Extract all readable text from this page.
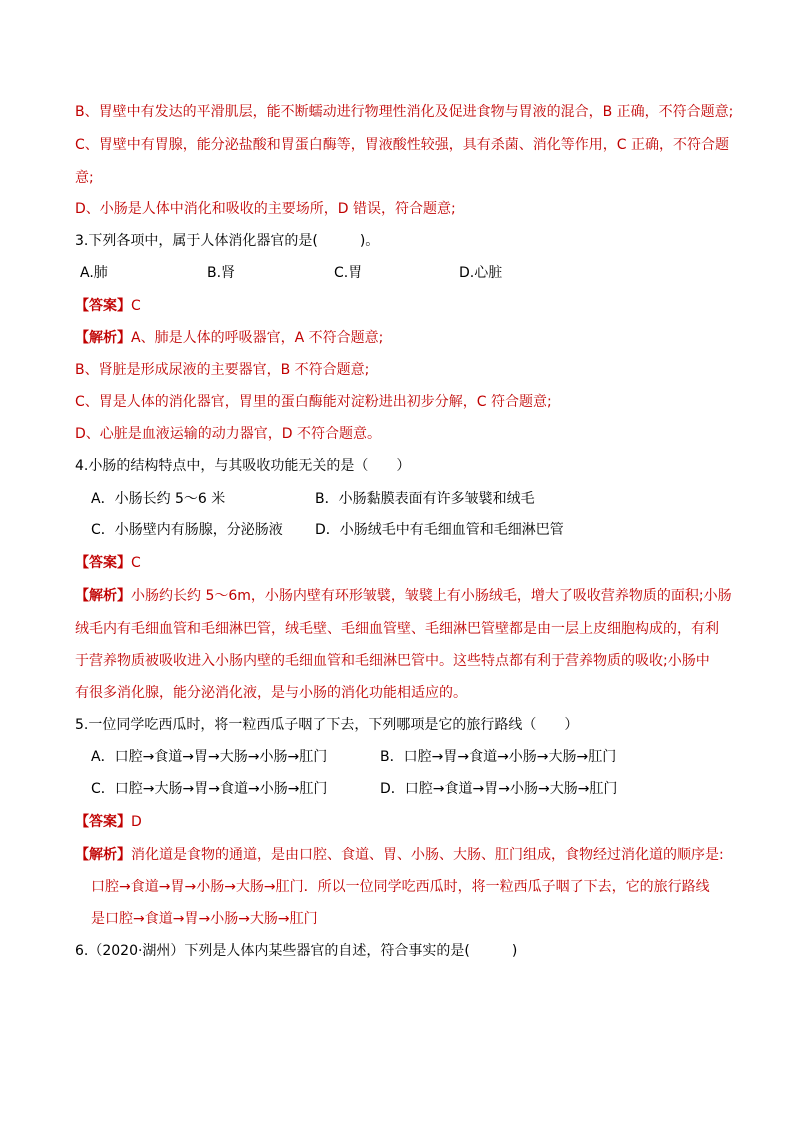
B、胃壁中有发达的平滑肌层，能不断蠕动进行物理性消化及促进食物与胃液的混合，B 正确，不符合题意;
C、胃壁中有胃腺，能分泌盐酸和胃蛋白酶等，胃液酸性较强，具有杀菌、消化等作用，C 正确，不符合题
意;
D、小肠是人体中消化和吸收的主要场所，D 错误，符合题意;
3.下列各项中，属于人体消化器官的是(　　　)。
A.肺	B.肾	C.胃	D.心脏
【答案】C
【解析】A、肺是人体的呼吸器官，A 不符合题意;
B、肾脏是形成尿液的主要器官，B 不符合题意;
C、胃是人体的消化器官，胃里的蛋白酶能对淀粉进出初步分解，C 符合题意;
D、心脏是血液运输的动力器官，D 不符合题意。
4.小肠的结构特点中，与其吸收功能无关的是（　　）
A．小肠长约 5～6 米	B．小肠黏膜表面有许多皱襞和绒毛
C．小肠壁内有肠腺，分泌肠液 D．小肠绒毛中有毛细血管和毛细淋巴管
【答案】C
【解析】小肠约长约 5～6m，小肠内壁有环形皱襞，皱襞上有小肠绒毛，增大了吸收营养物质的面积;小肠
绒毛内有毛细血管和毛细淋巴管，绒毛壁、毛细血管壁、毛细淋巴管壁都是由一层上皮细胞构成的，有利
于营养物质被吸收进入小肠内壁的毛细血管和毛细淋巴管中。这些特点都有利于营养物质的吸收;小肠中
有很多消化腺，能分泌消化液，是与小肠的消化功能相适应的。
5.一位同学吃西瓜时，将一粒西瓜子咽了下去，下列哪项是它的旅行路线（　　）
A．口腔→食道→胃→大肠→小肠→肛门	B．口腔→胃→食道→小肠→大肠→肛门
C．口腔→大肠→胃→食道→小肠→肛门	D．口腔→食道→胃→小肠→大肠→肛门
【答案】D
【解析】消化道是食物的通道，是由口腔、食道、胃、小肠、大肠、肛门组成，食物经过消化道的顺序是:
口腔→食道→胃→小肠→大肠→肛门．所以一位同学吃西瓜时，将一粒西瓜子咽了下去，它的旅行路线
是口腔→食道→胃→小肠→大肠→肛门
6.（2020·湖州）下列是人体内某些器官的自述，符合事实的是(　　　)
